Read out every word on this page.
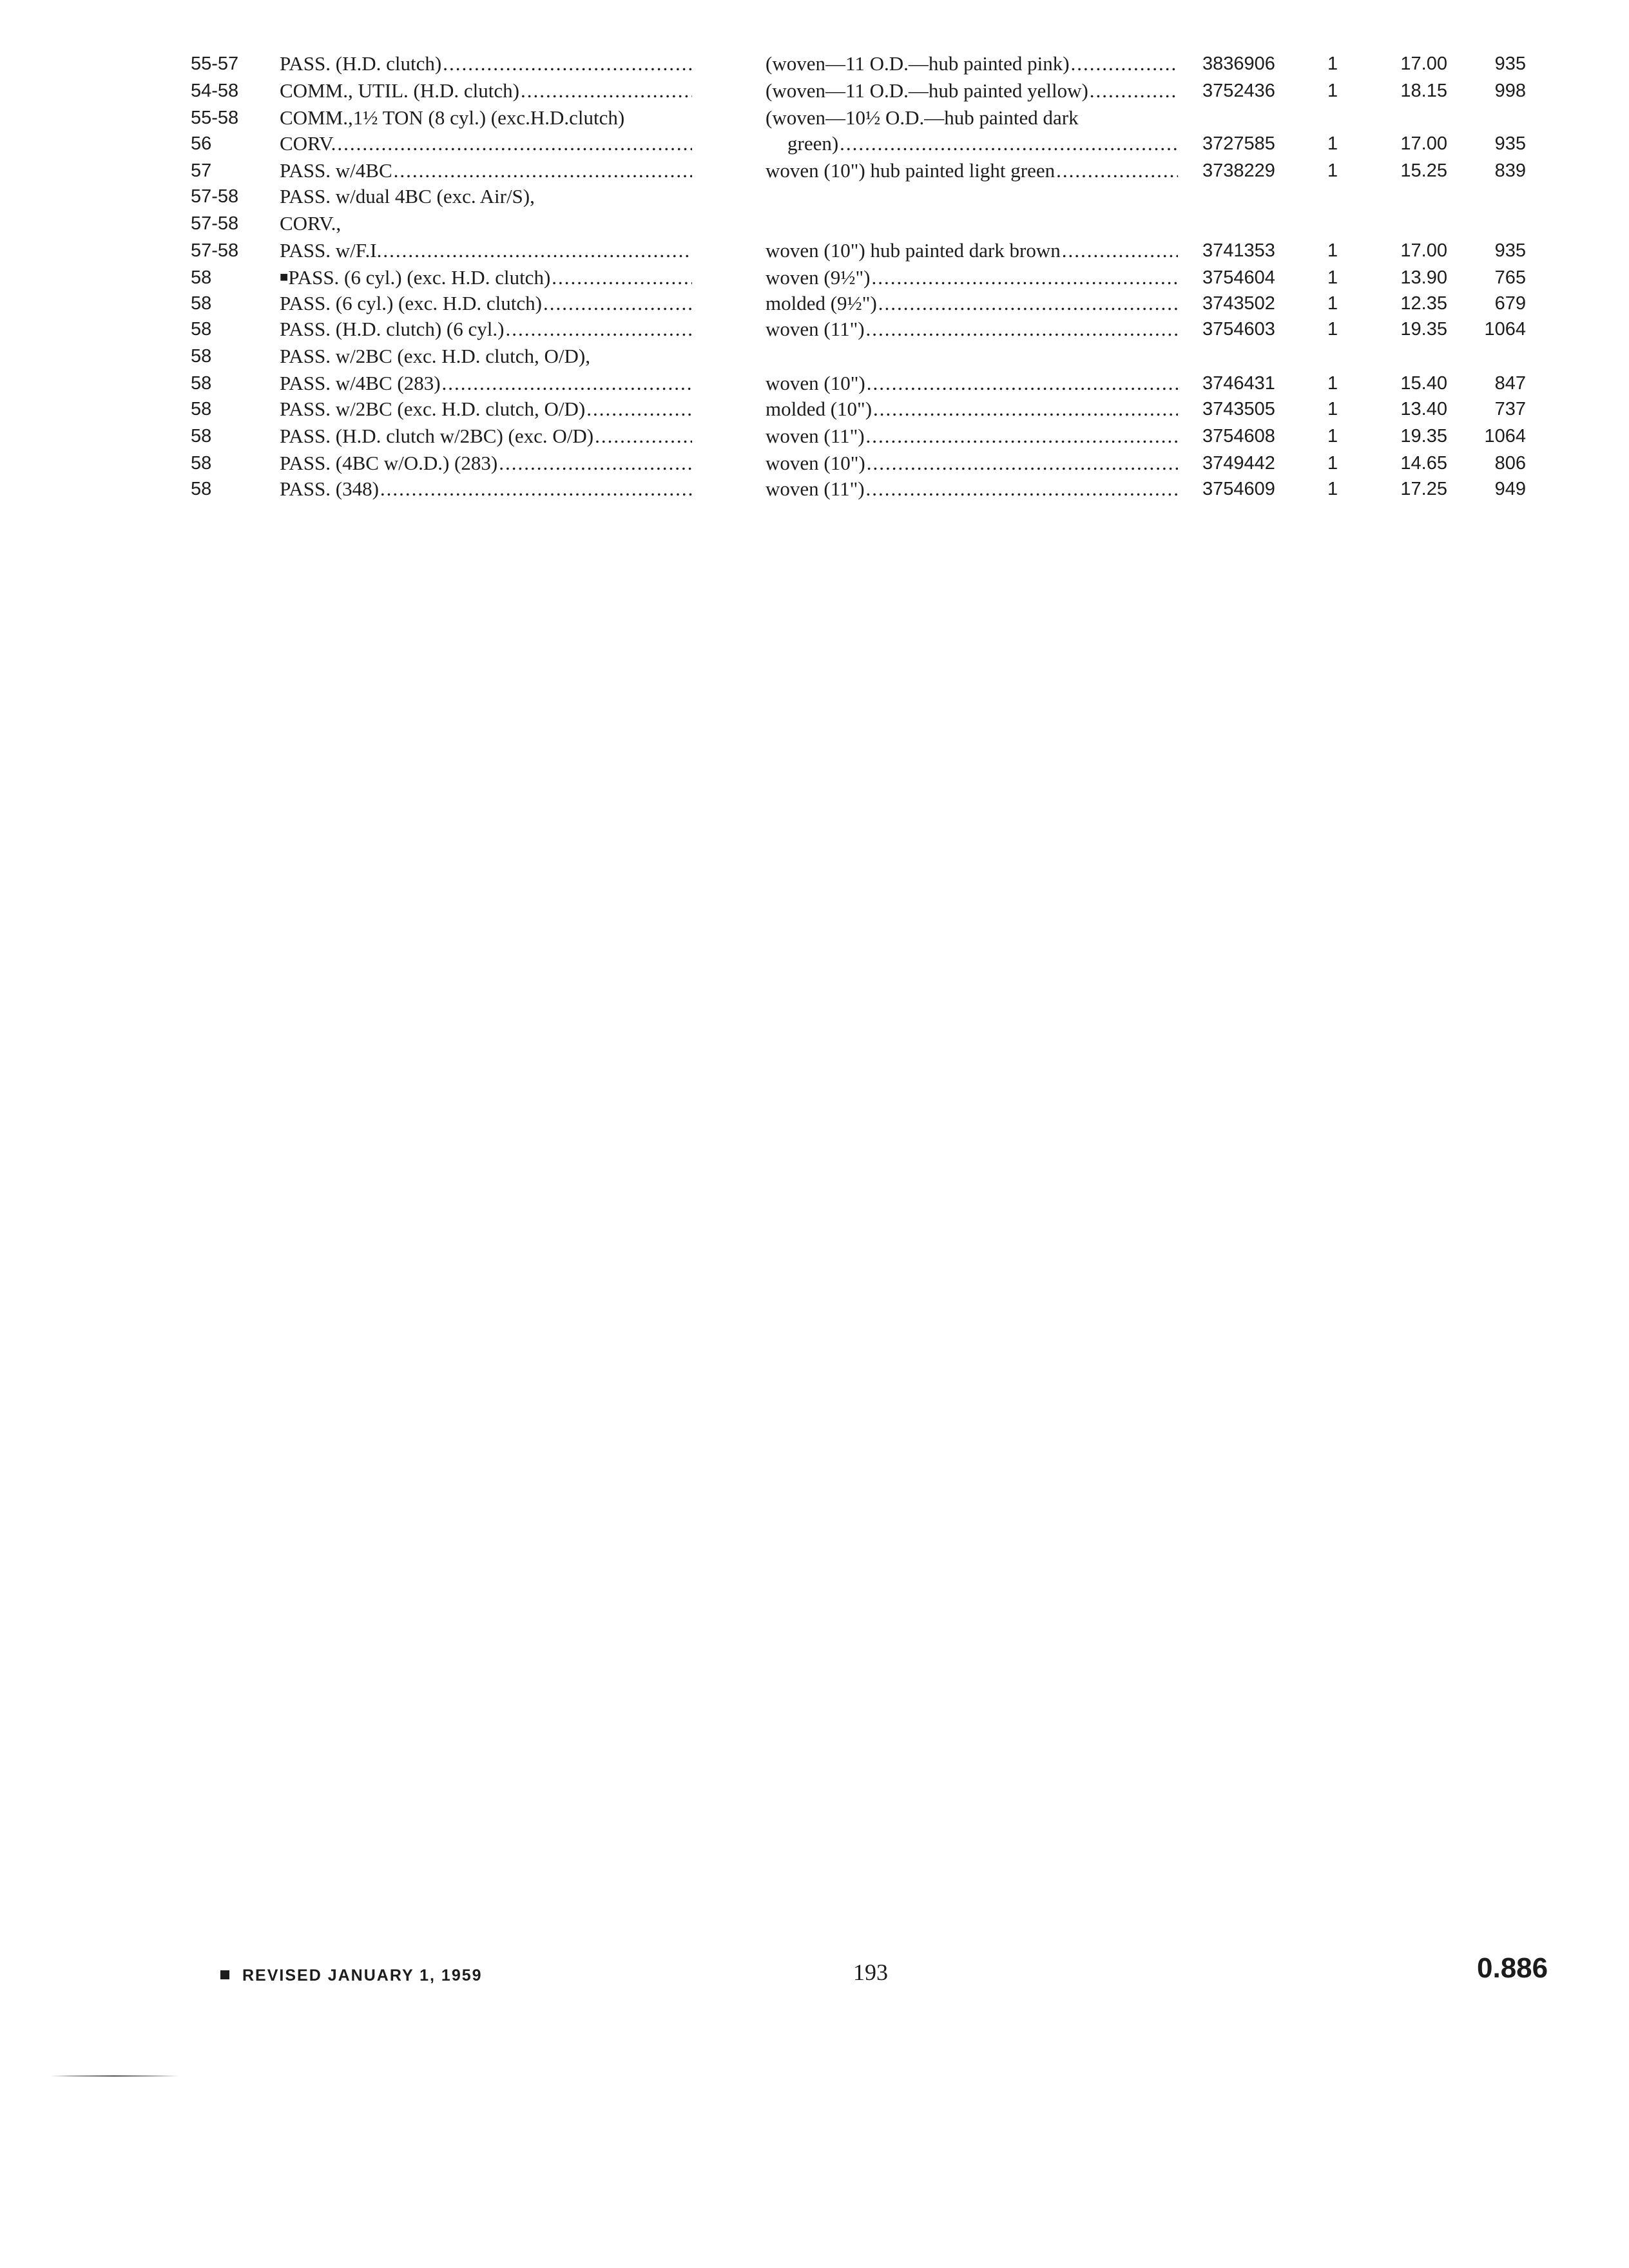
55-57 PASS. (H.D. clutch) .....	(woven—11 O.D.—hub painted pink) .....	3836906	1	17.00	935
54-58 COMM., UTIL. (H.D. clutch) .....	(woven—11 O.D.—hub painted yellow) .....	3752436	1	18.15	998
55-58 COMM.,1½ TON (8 cyl.) (exc.H.D.clutch)	(woven—10½ O.D.—hub painted dark
56	CORV. .....	green) .....	3727585	1	17.00	935
57	PASS. w/4BC .....	woven (10") hub painted light green .....	3738229	1	15.25	839
57-58 PASS. w/dual 4BC (exc. Air/S),
57-58 CORV.,
57-58 PASS. w/F.I. .....	woven (10") hub painted dark brown .....	3741353	1	17.00	935
58	■ PASS. (6 cyl.) (exc. H.D. clutch) .....	woven (9½") .....	3754604	1	13.90	765
58	PASS. (6 cyl.) (exc. H.D. clutch) .....	molded (9½") .....	3743502	1	12.35	679
58	PASS. (H.D. clutch) (6 cyl.) .....	woven (11") .....	3754603	1	19.35	1064
58	PASS. w/2BC (exc. H.D. clutch, O/D),
58	PASS. w/4BC (283) .....	woven (10") .....	3746431	1	15.40	847
58	PASS. w/2BC (exc. H.D. clutch, O/D) .....	molded (10") .....	3743505	1	13.40	737
58	PASS. (H.D. clutch w/2BC) (exc. O/D) .....	woven (11") .....	3754608	1	19.35	1064
58	PASS. (4BC w/O.D.) (283) .....	woven (10") .....	3749442	1	14.65	806
58	PASS. (348) .....	woven (11") .....	3754609	1	17.25	949
REVISED JANUARY 1, 1959	193	0.886
